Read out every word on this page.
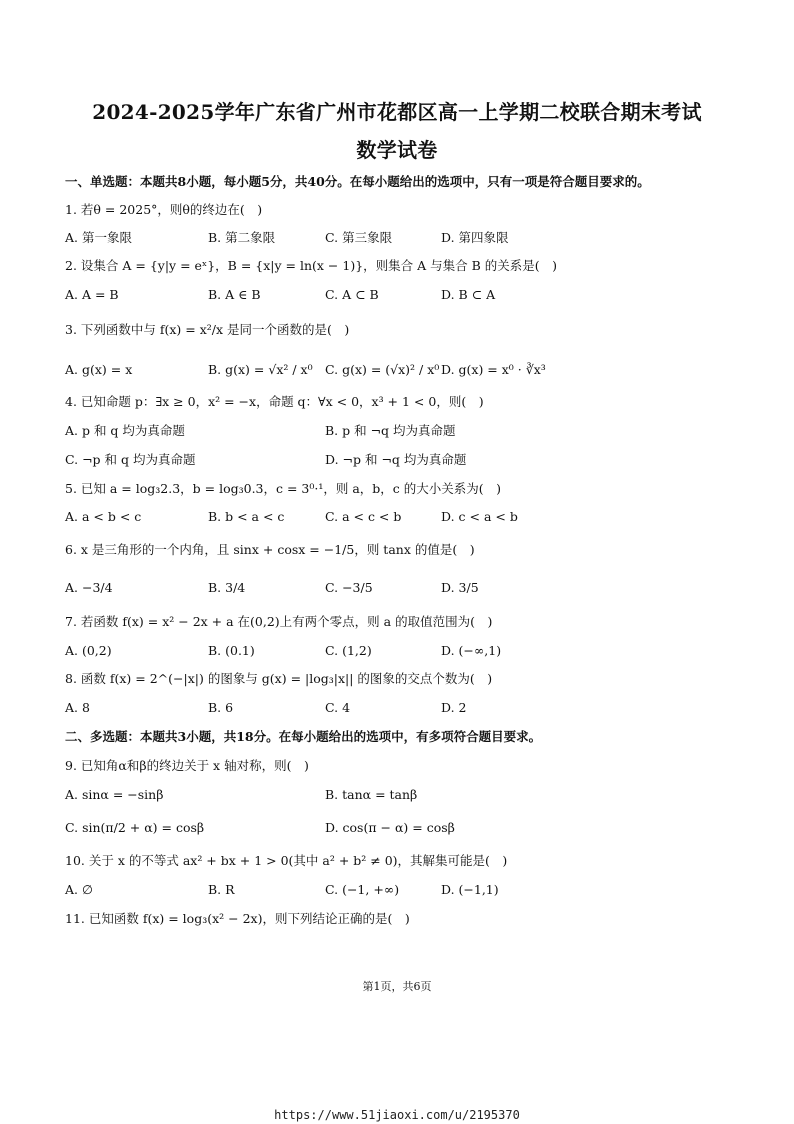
2024-2025学年广东省广州市花都区高一上学期二校联合期末考试
数学试卷
一、单选题：本题共8小题，每小题5分，共40分。在每小题给出的选项中，只有一项是符合题目要求的。
1. 若θ = 2025°，则θ的终边在(　)
A. 第一象限	B. 第二象限	C. 第三象限	D. 第四象限
2. 设集合 A = {y|y = eˣ}，B = {x|y = ln(x − 1)}，则集合 A 与集合 B 的关系是(　)
A. A = B	B. A ∈ B	C. A ⊂ B	D. B ⊂ A
3. 下列函数中与 f(x) = x²/x 是同一个函数的是(　)
A. g(x) = x	B. g(x) = √x² / x⁰ C. g(x) = (√x)² / x⁰ D. g(x) = x⁰ · ∛x³
4. 已知命题 p：∃x ≥ 0，x² = −x，命题 q：∀x < 0，x³ + 1 < 0，则(　)
A. p 和 q 均为真命题	B. p 和 ¬q 均为真命题
C. ¬p 和 q 均为真命题	D. ¬p 和 ¬q 均为真命题
5. 已知 a = log₃2.3，b = log₃0.3，c = 3⁰·¹，则 a，b，c 的大小关系为(　)
A. a < b < c	B. b < a < c	C. a < c < b	D. c < a < b
6. x 是三角形的一个内角，且 sinx + cosx = −1/5，则 tanx 的值是(　)
A. −3/4	B. 3/4	C. −3/5	D. 3/5
7. 若函数 f(x) = x² − 2x + a 在(0,2)上有两个零点，则 a 的取值范围为(　)
A. (0,2)	B. (0.1)	C. (1,2)	D. (−∞,1)
8. 函数 f(x) = 2^(−|x|) 的图象与 g(x) = |log₃|x|| 的图象的交点个数为(　)
A. 8	B. 6	C. 4	D. 2
二、多选题：本题共3小题，共18分。在每小题给出的选项中，有多项符合题目要求。
9. 已知角α和β的终边关于 x 轴对称，则(　)
A. sinα = −sinβ	B. tanα = tanβ
C. sin(π/2 + α) = cosβ	D. cos(π − α) = cosβ
10. 关于 x 的不等式 ax² + bx + 1 > 0(其中 a² + b² ≠ 0)，其解集可能是(　)
A. ∅	B. R	C. (−1, +∞)	D. (−1,1)
11. 已知函数 f(x) = log₃(x² − 2x)，则下列结论正确的是(　)
第1页，共6页
https://www.51jiaoxi.com/u/2195370
